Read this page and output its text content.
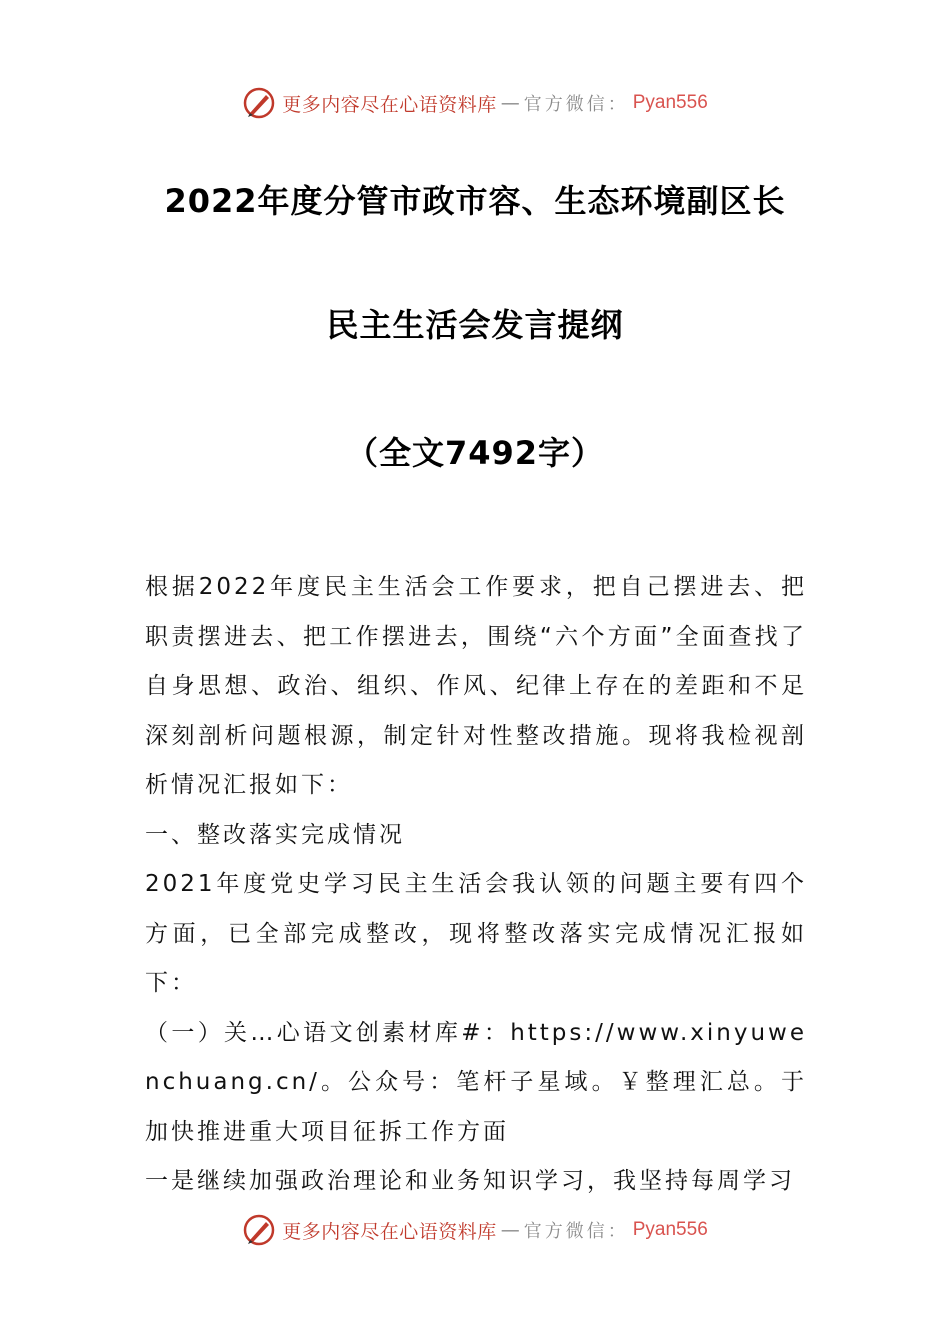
更多内容尽在心语资料库 — 官方微信： Pyan556
2022年度分管市政市容、生态环境副区长
民主生活会发言提纲
（全文7492字）

根据2022年度民主生活会工作要求，把自己摆进去、把职责摆进去、把工作摆进去，围绕“六个方面”全面查找了自身思想、政治、组织、作风、纪律上存在的差距和不足深刻剖析问题根源，制定针对性整改措施。现将我检视剖析情况汇报如下：

一、整改落实完成情况

2021年度党史学习民主生活会我认领的问题主要有四个方面，已全部完成整改，现将整改落实完成情况汇报如下：

（一）关…心语文创素材库#：https://www.xinyuwenchuang.cn/。公众号：笔杆子星域。￥整理汇总。于加快推进重大项目征拆工作方面

一是继续加强政治理论和业务知识学习，我坚持每周学习

更多内容尽在心语资料库 — 官方微信： Pyan556
